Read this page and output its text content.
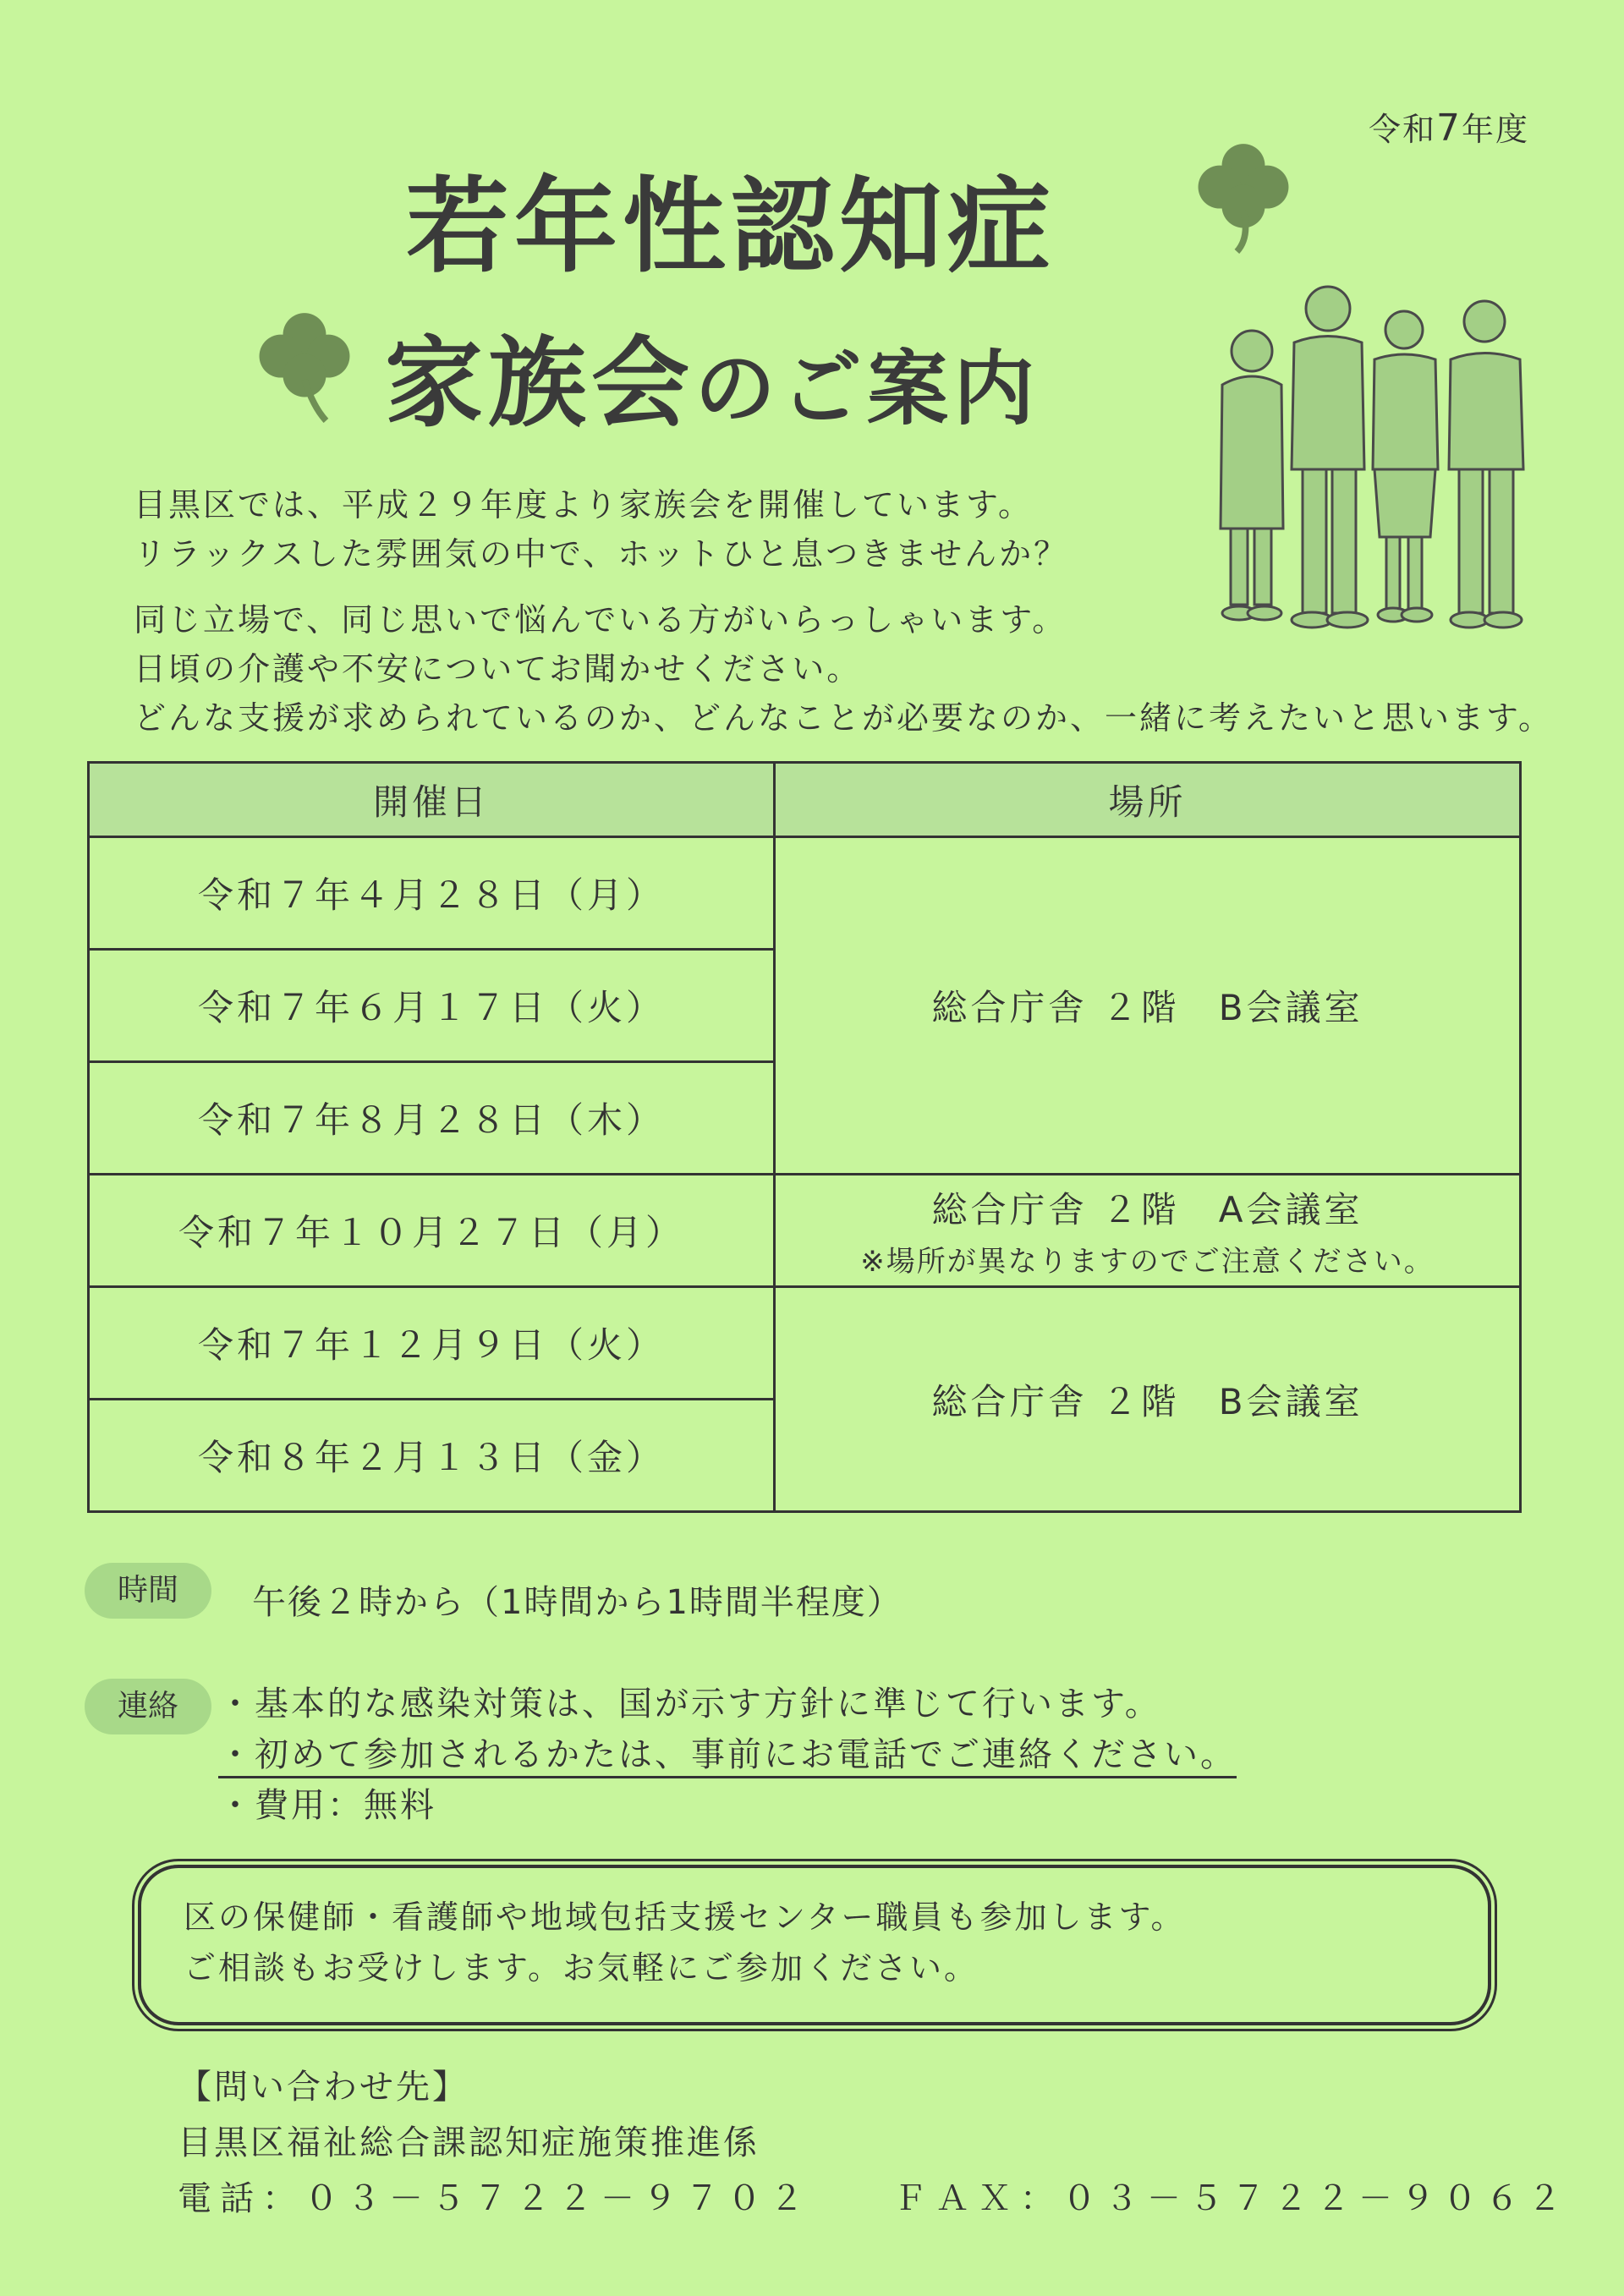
令和7年度
若年性認知症
家族会のご案内

目黒区では、平成２９年度より家族会を開催しています。

リラックスした雰囲気の中で、ホットひと息つきませんか？

同じ立場で、同じ思いで悩んでいる方がいらっしゃいます。

日頃の介護や不安についてお聞かせください。

どんな支援が求められているのか、どんなことが必要なのか、一緒に考えたいと思います。

開催日	場所
令和７年４月２８日（月）	総合庁舎 ２階　B会議室
令和７年６月１７日（火）	
令和７年８月２８日（木）	
令和７年１０月２７日（月）	総合庁舎 ２階　A会議室
※場所が異なりますのでご注意ください。

令和７年１２月９日（火）	総合庁舎 ２階　B会議室
令和８年２月１３日（金）	
時間	午後２時から（1時間から1時間半程度）
連絡	・基本的な感染対策は、国が示す方針に準じて行います。

・初めて参加されるかたは、事前にお電話でご連絡ください。

・費用：無料

区の保健師・看護師や地域包括支援センター職員も参加します。

ご相談もお受けします。お気軽にご参加ください。

【問い合わせ先】

目黒区福祉総合課認知症施策推進係

電話：０３－５７２２－９７０２ ＦＡＸ：０３－５７２２－９０６２
